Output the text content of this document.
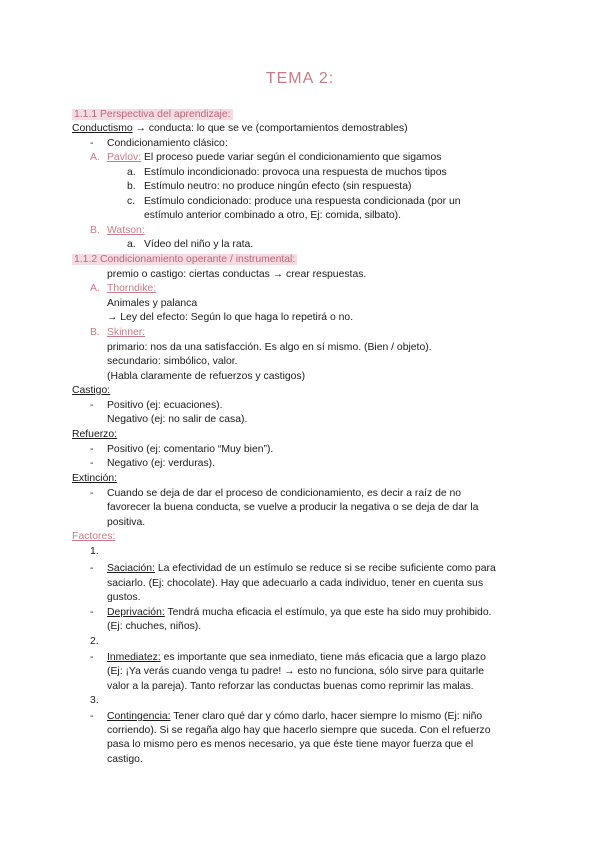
TEMA 2:
1.1.1 Perspectiva del aprendizaje:
Conductismo → conducta: lo que se ve (comportamientos demostrables)
- Condicionamiento clásico:
A. Pavlov: El proceso puede variar según el condicionamiento que sigamos
a. Estímulo incondicionado: provoca una respuesta de muchos tipos
b. Estímulo neutro: no produce ningún efecto (sin respuesta)
c. Estímulo condicionado: produce una respuesta condicionada (por un
estímulo anterior combinado a otro, Ej: comida, silbato).
B. Watson:
a. Vídeo del niño y la rata.
1.1.2 Condicionamiento operante / instrumental:
premio o castigo: ciertas conductas → crear respuestas.
A. Thorndike:
Animales y palanca
→ Ley del efecto: Según lo que haga lo repetirá o no.
B. Skinner:
primario: nos da una satisfacción. Es algo en sí mismo. (Bien / objeto).
secundario: simbólico, valor.
(Habla claramente de refuerzos y castigos)
Castigo:
- Positivo (ej: ecuaciones).
Negativo (ej: no salir de casa).
Refuerzo:
- Positivo (ej: comentario “Muy bien”).
- Negativo (ej: verduras).
Extinción:
- Cuando se deja de dar el proceso de condicionamiento, es decir a raíz de no
favorecer la buena conducta, se vuelve a producir la negativa o se deja de dar la
positiva.
Factores:
1.
- Saciación: La efectividad de un estímulo se reduce si se recibe suficiente como para
saciarlo. (Ej: chocolate). Hay que adecuarlo a cada individuo, tener en cuenta sus
gustos.
- Deprivación: Tendrá mucha eficacia el estímulo, ya que este ha sido muy prohibido.
(Ej: chuches, niños).
2.
- Inmediatez: es importante que sea inmediato, tiene más eficacia que a largo plazo
(Ej: ¡Ya verás cuando venga tu padre! → esto no funciona, sólo sirve para quitarle
valor a la pareja). Tanto reforzar las conductas buenas como reprimir las malas.
3.
- Contingencia: Tener claro qué dar y cómo darlo, hacer siempre lo mismo (Ej: niño
corriendo). Si se regaña algo hay que hacerlo siempre que suceda. Con el refuerzo
pasa lo mismo pero es menos necesario, ya que éste tiene mayor fuerza que el
castigo.
